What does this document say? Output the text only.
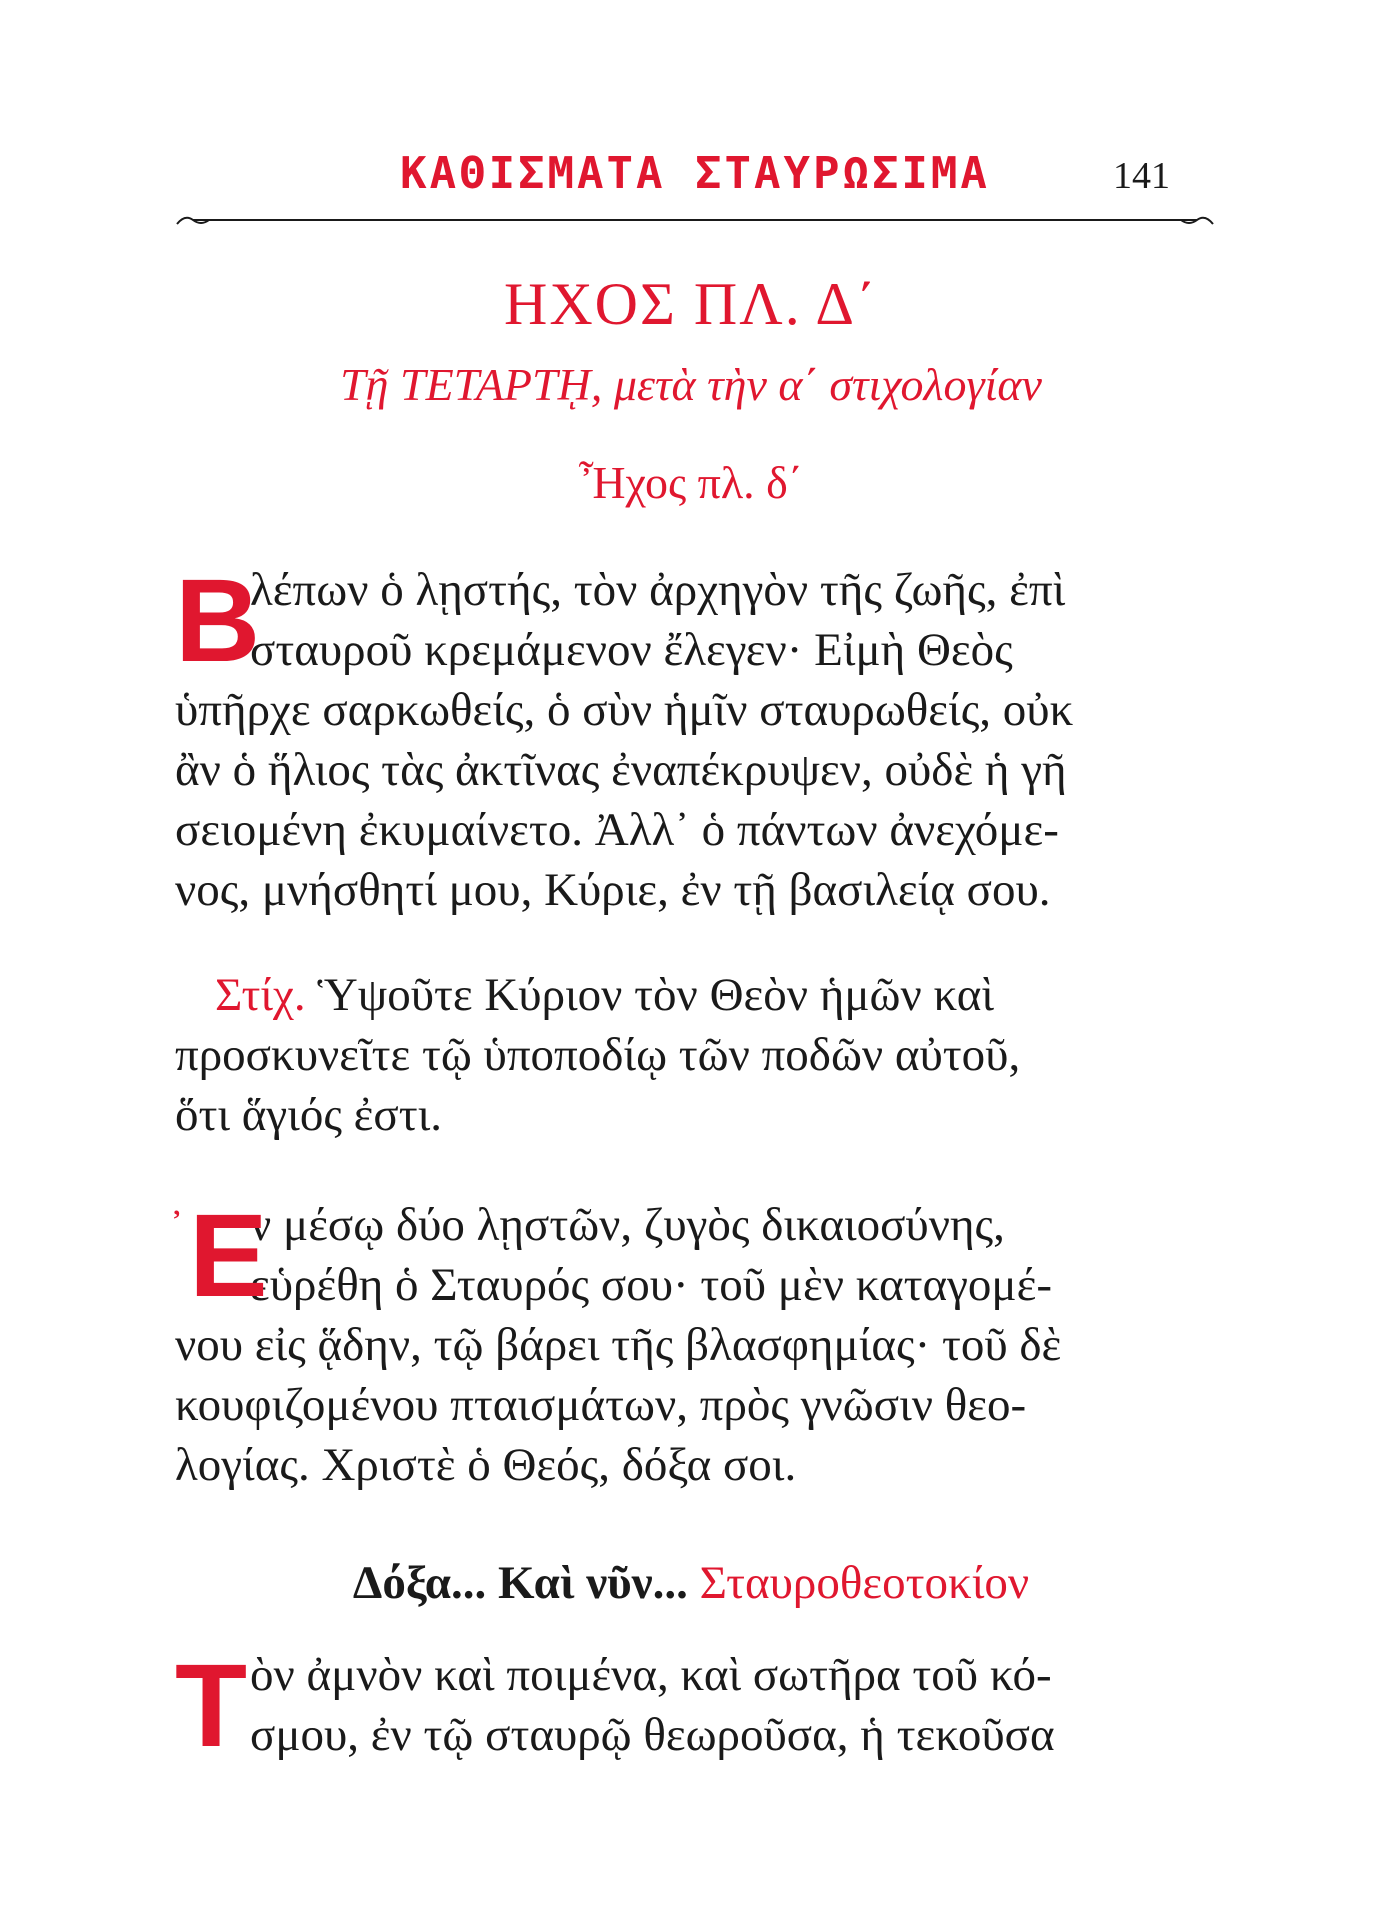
ΚΑΘΙΣΜΑΤΑ ΣΤΑΥΡΩΣΙΜΑ	141
ΗΧΟΣ ΠΛ. Δ΄
Τῇ ΤΕΤΑΡΤῌ, μετὰ τὴν α΄ στιχολογίαν
Ἦχος πλ. δ΄
Β
λέπων ὁ λῃστής, τὸν ἀρχηγὸν τῆς ζωῆς, ἐπὶ
σταυροῦ κρεμάμενον ἔλεγεν· Εἰμὴ Θεὸς
ὑπῆρχε σαρκωθείς, ὁ σὺν ἡμῖν σταυρωθείς, οὐκ
ἂν ὁ ἥλιος τὰς ἀκτῖνας ἐναπέκρυψεν, οὐδὲ ἡ γῆ
σειομένη ἐκυμαίνετο. Ἀλλ᾽ ὁ πάντων ἀνεχόμε-
νος, μνήσθητί μου, Κύριε, ἐν τῇ βασιλείᾳ σου.
Στίχ. Ὑψοῦτε Κύριον τὸν Θεὸν ἡμῶν καὶ
προσκυνεῖτε τῷ ὑποποδίῳ τῶν ποδῶν αὐτοῦ,
ὅτι ἅγιός ἐστι.
᾿ Ε
ν μέσῳ δύο λῃστῶν, ζυγὸς δικαιοσύνης,
εὑρέθη ὁ Σταυρός σου· τοῦ μὲν καταγομέ-
νου εἰς ᾅδην, τῷ βάρει τῆς βλασφημίας· τοῦ δὲ
κουφιζομένου πταισμάτων, πρὸς γνῶσιν θεο-
λογίας. Χριστὲ ὁ Θεός, δόξα σοι.
Δόξα... Καὶ νῦν... Σταυροθεοτοκίον
Τ ὸν ἀμνὸν καὶ ποιμένα, καὶ σωτῆρα τοῦ κό-
σμου, ἐν τῷ σταυρῷ θεωροῦσα, ἡ τεκοῦσα
